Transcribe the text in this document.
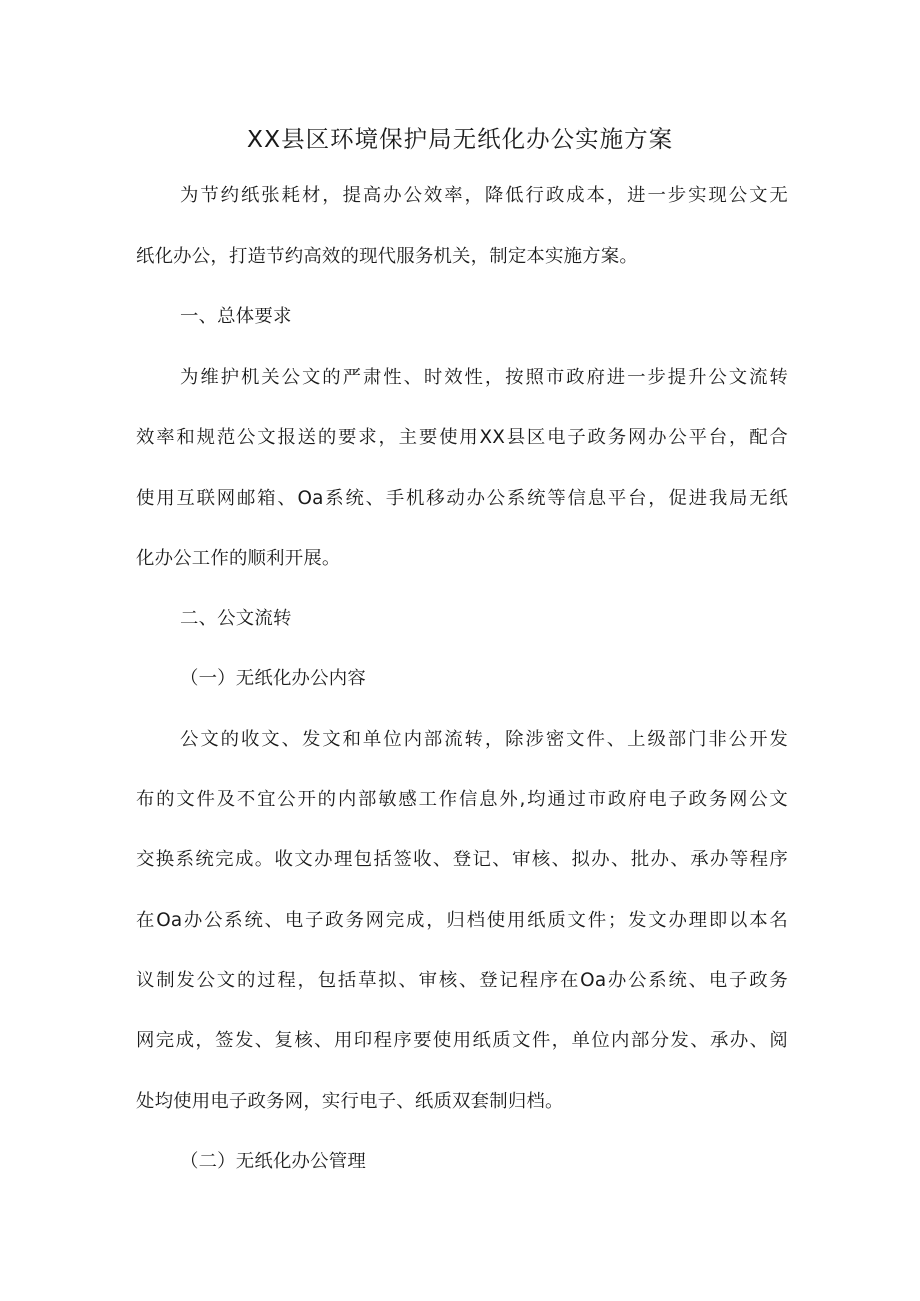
XX县区环境保护局无纸化办公实施方案

为节约纸张耗材，提高办公效率，降低行政成本，进一步实现公文无

纸化办公，打造节约高效的现代服务机关，制定本实施方案。

一、总体要求

为维护机关公文的严肃性、时效性，按照市政府进一步提升公文流转

效率和规范公文报送的要求，主要使用XX县区电子政务网办公平台，配合

使用互联网邮箱、Oa系统、手机移动办公系统等信息平台，促进我局无纸

化办公工作的顺利开展。

二、公文流转

（一）无纸化办公内容

公文的收文、发文和单位内部流转，除涉密文件、上级部门非公开发

布的文件及不宜公开的内部敏感工作信息外,均通过市政府电子政务网公文

交换系统完成。收文办理包括签收、登记、审核、拟办、批办、承办等程序

在Oa办公系统、电子政务网完成，归档使用纸质文件；发文办理即以本名

议制发公文的过程，包括草拟、审核、登记程序在Oa办公系统、电子政务

网完成，签发、复核、用印程序要使用纸质文件，单位内部分发、承办、阅

处均使用电子政务网，实行电子、纸质双套制归档。

（二）无纸化办公管理
